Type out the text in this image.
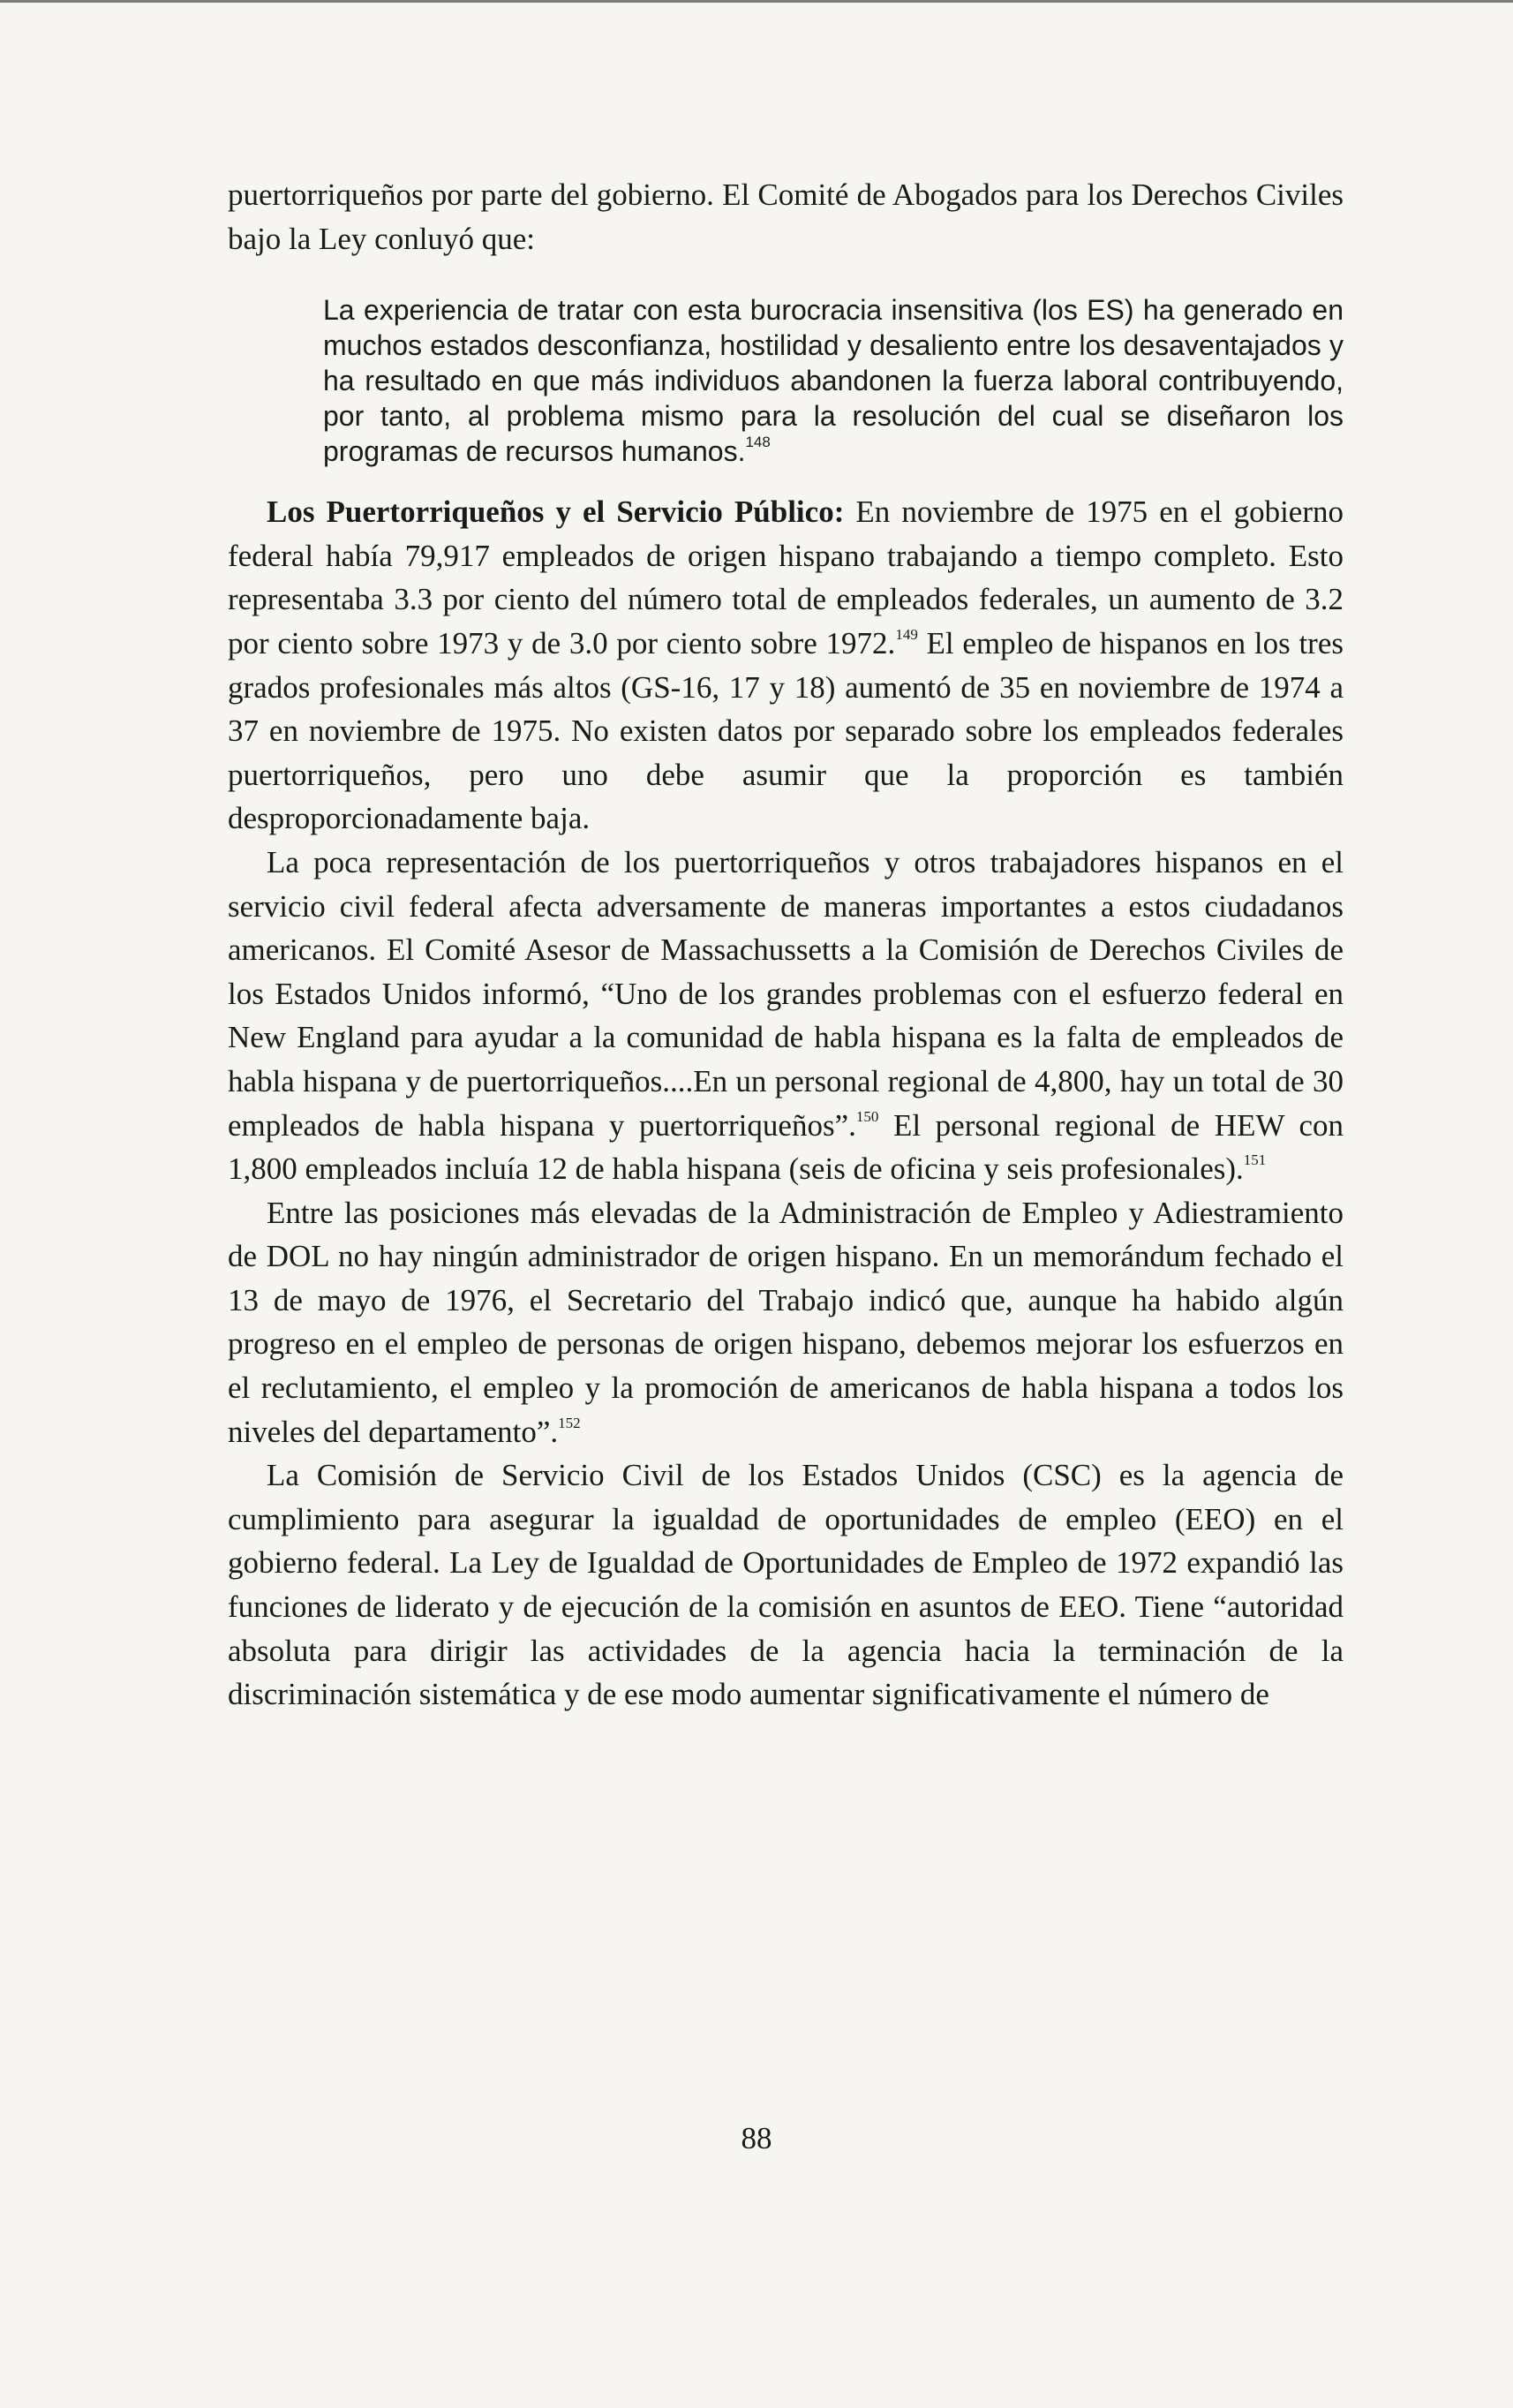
puertorriqueños por parte del gobierno. El Comité de Abogados para los Derechos Civiles bajo la Ley conluyó que:

La experiencia de tratar con esta burocracia insensitiva (los ES) ha generado en muchos estados desconfianza, hostilidad y desaliento entre los desaventajados y ha resultado en que más individuos abandonen la fuerza laboral contribuyendo, por tanto, al problema mismo para la resolución del cual se diseñaron los programas de recursos humanos.$^{148}$

Los Puertorriqueños y el Servicio Público: En noviembre de 1975 en el gobierno federal había 79,917 empleados de origen hispano trabajando a tiempo completo. Esto representaba 3.3 por ciento del número total de empleados federales, un aumento de 3.2 por ciento sobre 1973 y de 3.0 por ciento sobre 1972.$^{149}$ El empleo de hispanos en los tres grados profesionales más altos (GS-16, 17 y 18) aumentó de 35 en noviembre de 1974 a 37 en noviembre de 1975. No existen datos por separado sobre los empleados federales puertorriqueños, pero uno debe asumir que la proporción es también desproporcionadamente baja.

La poca representación de los puertorriqueños y otros trabajadores hispanos en el servicio civil federal afecta adversamente de maneras importantes a estos ciudadanos americanos. El Comité Asesor de Massachussetts a la Comisión de Derechos Civiles de los Estados Unidos informó, “Uno de los grandes problemas con el esfuerzo federal en New England para ayudar a la comunidad de habla hispana es la falta de empleados de habla hispana y de puertorriqueños....En un personal regional de 4,800, hay un total de 30 empleados de habla hispana y puertorriqueños”.$^{150}$ El personal regional de HEW con 1,800 empleados incluía 12 de habla hispana (seis de oficina y seis profesionales).$^{151}$

Entre las posiciones más elevadas de la Administración de Empleo y Adiestramiento de DOL no hay ningún administrador de origen hispano. En un memorándum fechado el 13 de mayo de 1976, el Secretario del Trabajo indicó que, aunque ha habido algún progreso en el empleo de personas de origen hispano, debemos mejorar los esfuerzos en el reclutamiento, el empleo y la promoción de americanos de habla hispana a todos los niveles del departamento”.$^{152}$

La Comisión de Servicio Civil de los Estados Unidos (CSC) es la agencia de cumplimiento para asegurar la igualdad de oportunidades de empleo (EEO) en el gobierno federal. La Ley de Igualdad de Oportunidades de Empleo de 1972 expandió las funciones de liderato y de ejecución de la comisión en asuntos de EEO. Tiene “autoridad absoluta para dirigir las actividades de la agencia hacia la terminación de la discriminación sistemática y de ese modo aumentar significativamente el número de

88
